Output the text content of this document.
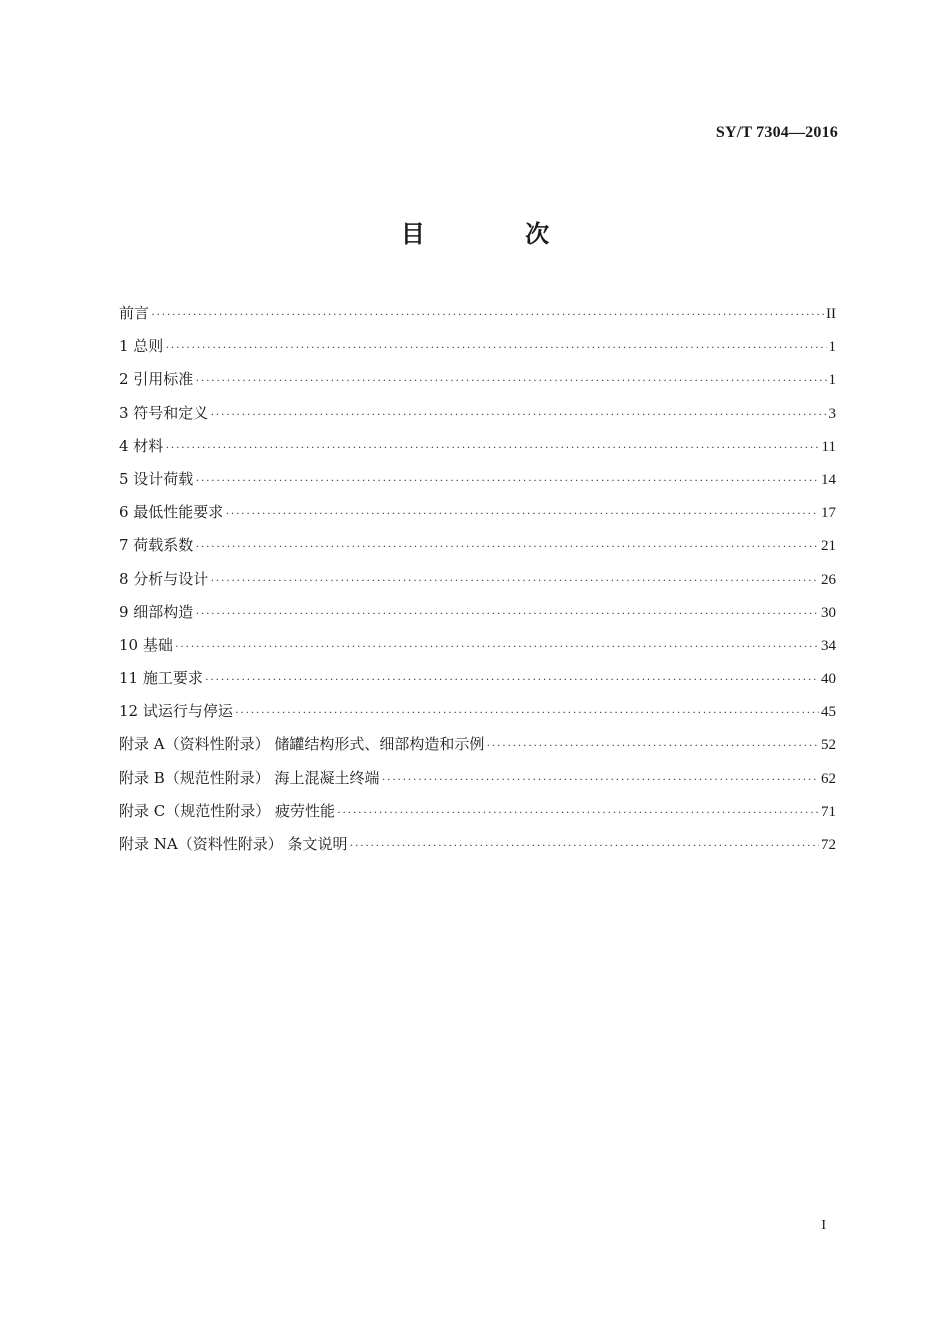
SY/T 7304—2016
目 次
前言 ·····	II
1 总则 ·····	1
2 引用标准 ·····	1
3 符号和定义 ·····	3
4 材料 ·····	11
5 设计荷载 ·····	14
6 最低性能要求 ·····	17
7 荷载系数 ·····	21
8 分析与设计 ·····	26
9 细部构造 ·····	30
10 基础 ·····	34
11 施工要求 ·····	40
12 试运行与停运 ·····	45
附录 A（资料性附录） 储罐结构形式、细部构造和示例 ·····	52
附录 B（规范性附录） 海上混凝土终端 ·····	62
附录 C（规范性附录） 疲劳性能 ·····	71
附录 NA（资料性附录） 条文说明 ·····	72
I
